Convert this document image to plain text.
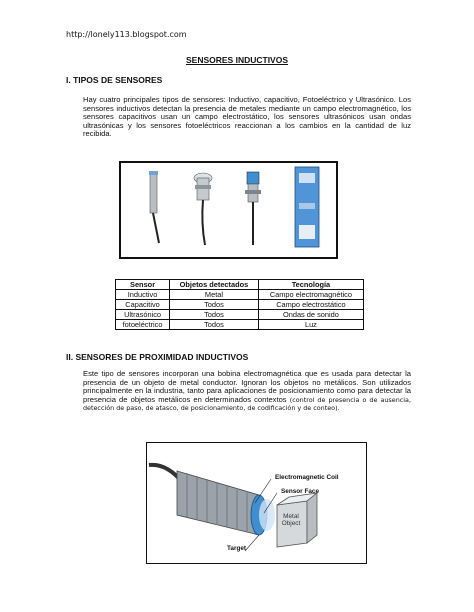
http://lonely113.blogspot.com
SENSORES INDUCTIVOS
I. TIPOS DE SENSORES
Hay cuatro principales tipos de sensores: Inductivo, capacitivo, Fotoeléctrico y Ultrasónico. Los sensores inductivos detectan la presencia de metales mediante un campo electromagnético, los sensores capacitivos usan un campo electrostático, los sensores ultrasónicos usan ondas ultrasónicas y los sensores fotoeléctricos reaccionan a los cambios en la cantidad de luz recibida.
Sensor	Objetos detectados	Tecnología
Inductivo	Metal	Campo electromagnético
Capacitivo	Todos	Campo electrostático
Ultrasónico	Todos	Ondas de sonido
fotoeléctrico	Todos	Luz
II. SENSORES DE PROXIMIDAD INDUCTIVOS
Este tipo de sensores incorporan una bobina electromagnética que es usada para detectar la presencia de un objeto de metal conductor. Ignoran los objetos no metálicos. Son utilizados principalmente en la industria, tanto para aplicaciones de posicionamiento como para detectar la presencia de objetos metálicos en determinados contextos (control de presencia o de ausencia, detección de paso, de atasco, de posicionamiento, de codificación y de conteo).
Electromagnetic Coil
Sensor Face
Metal Object
Target
